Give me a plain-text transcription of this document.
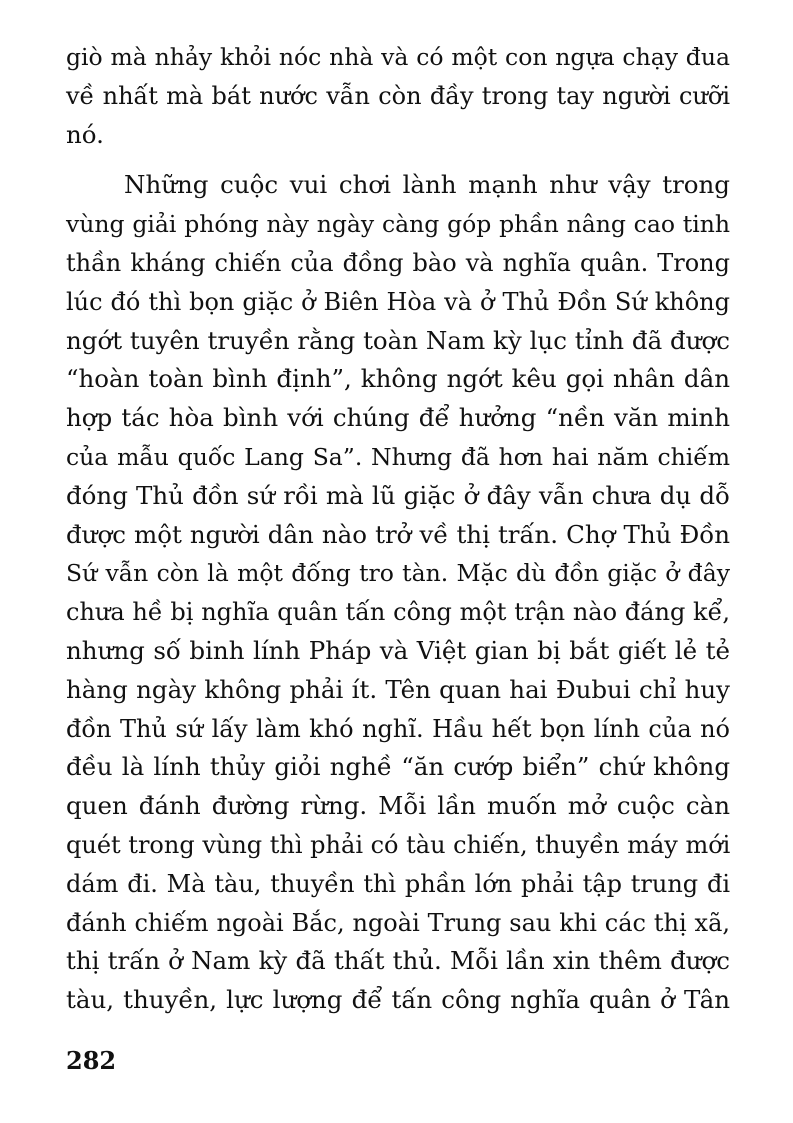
giò mà nhảy khỏi nóc nhà và có một con ngựa chạy đua
về nhất mà bát nước vẫn còn đầy trong tay người cưỡi
nó.

Những cuộc vui chơi lành mạnh như vậy trong
vùng giải phóng này ngày càng góp phần nâng cao tinh
thần kháng chiến của đồng bào và nghĩa quân. Trong
lúc đó thì bọn giặc ở Biên Hòa và ở Thủ Đồn Sứ không
ngớt tuyên truyền rằng toàn Nam kỳ lục tỉnh đã được
“hoàn toàn bình định”, không ngớt kêu gọi nhân dân
hợp tác hòa bình với chúng để hưởng “nền văn minh
của mẫu quốc Lang Sa”. Nhưng đã hơn hai năm chiếm
đóng Thủ đồn sứ rồi mà lũ giặc ở đây vẫn chưa dụ dỗ
được một người dân nào trở về thị trấn. Chợ Thủ Đồn
Sứ vẫn còn là một đống tro tàn. Mặc dù đồn giặc ở đây
chưa hề bị nghĩa quân tấn công một trận nào đáng kể,
nhưng số binh lính Pháp và Việt gian bị bắt giết lẻ tẻ
hàng ngày không phải ít. Tên quan hai Đubui chỉ huy
đồn Thủ sứ lấy làm khó nghĩ. Hầu hết bọn lính của nó
đều là lính thủy giỏi nghề “ăn cướp biển” chứ không
quen đánh đường rừng. Mỗi lần muốn mở cuộc càn
quét trong vùng thì phải có tàu chiến, thuyền máy mới
dám đi. Mà tàu, thuyền thì phần lớn phải tập trung đi
đánh chiếm ngoài Bắc, ngoài Trung sau khi các thị xã,
thị trấn ở Nam kỳ đã thất thủ. Mỗi lần xin thêm được
tàu, thuyền, lực lượng để tấn công nghĩa quân ở Tân

282
